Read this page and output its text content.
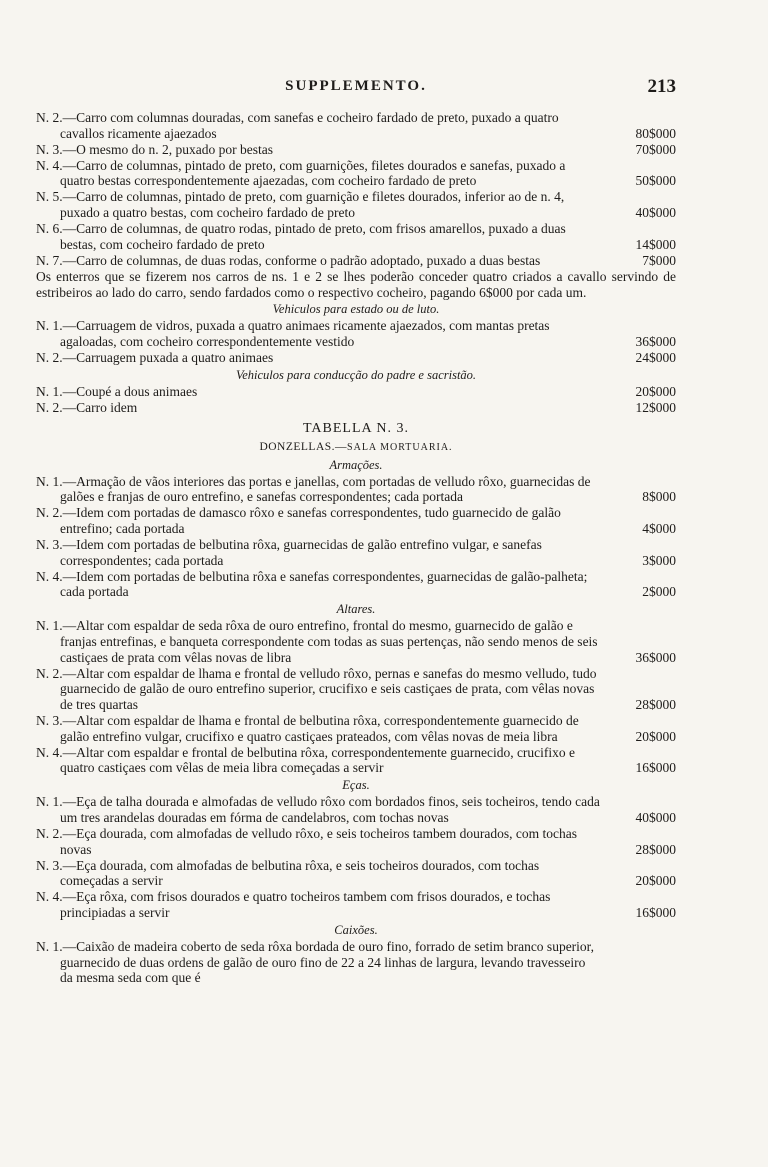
SUPPLEMENTO.	213
N. 2.—Carro com columnas douradas, com sanefas e cocheiro fardado de preto, puxado a quatro cavallos ricamente ajaezados	80$000
N. 3.—O mesmo do n. 2, puxado por bestas	70$000
N. 4.—Carro de columnas, pintado de preto, com guarnições, filetes dourados e sanefas, puxado a quatro bestas correspondentemente ajaezadas, com cocheiro fardado de preto	50$000
N. 5.—Carro de columnas, pintado de preto, com guarnição e filetes dourados, inferior ao de n. 4, puxado a quatro bestas, com cocheiro fardado de preto	40$000
N. 6.—Carro de columnas, de quatro rodas, pintado de preto, com frisos amarellos, puxado a duas bestas, com cocheiro fardado de preto	14$000
N. 7.—Carro de columnas, de duas rodas, conforme o padrão adoptado, puxado a duas bestas	7$000
Os enterros que se fizerem nos carros de ns. 1 e 2 se lhes poderão conceder quatro criados a cavallo servindo de estribeiros ao lado do carro, sendo fardados como o respectivo cocheiro, pagando 6$000 por cada um.
Vehiculos para estado ou de luto.
N. 1.—Carruagem de vidros, puxada a quatro animaes ricamente ajaezados, com mantas pretas agaloadas, com cocheiro correspondentemente vestido	36$000
N. 2.—Carruagem puxada a quatro animaes	24$000
Vehiculos para conducção do padre e sacristão.
N. 1.—Coupé a dous animaes	20$000
N. 2.—Carro idem	12$000
TABELLA N. 3.
DONZELLAS.—SALA MORTUARIA.
Armações.
N. 1.—Armação de vãos interiores das portas e janellas, com portadas de velludo rôxo, guarnecidas de galões e franjas de ouro entrefino, e sanefas correspondentes; cada portada	8$000
N. 2.—Idem com portadas de damasco rôxo e sanefas correspondentes, tudo guarnecido de galão entrefino; cada portada	4$000
N. 3.—Idem com portadas de belbutina rôxa, guarnecidas de galão entrefino vulgar, e sanefas correspondentes; cada portada	3$000
N. 4.—Idem com portadas de belbutina rôxa e sanefas correspondentes, guarnecidas de galão-palheta; cada portada	2$000
Altares.
N. 1.—Altar com espaldar de seda rôxa de ouro entrefino, frontal do mesmo, guarnecido de galão e franjas entrefinas, e banqueta correspondente com todas as suas pertenças, não sendo menos de seis castiçaes de prata com vêlas novas de libra	36$000
N. 2.—Altar com espaldar de lhama e frontal de velludo rôxo, pernas e sanefas do mesmo velludo, tudo guarnecido de galão de ouro entrefino superior, crucifixo e seis castiçaes de prata, com vêlas novas de tres quartas	28$000
N. 3.—Altar com espaldar de lhama e frontal de belbutina rôxa, correspondentemente guarnecido de galão entrefino vulgar, crucifixo e quatro castiçaes prateados, com vêlas novas de meia libra	20$000
N. 4.—Altar com espaldar e frontal de belbutina rôxa, correspondentemente guarnecido, crucifixo e quatro castiçaes com vêlas de meia libra começadas a servir	16$000
Eças.
N. 1.—Eça de talha dourada e almofadas de velludo rôxo com bordados finos, seis tocheiros, tendo cada um tres arandelas douradas em fórma de candelabros, com tochas novas	40$000
N. 2.—Eça dourada, com almofadas de velludo rôxo, e seis tocheiros tambem dourados, com tochas novas	28$000
N. 3.—Eça dourada, com almofadas de belbutina rôxa, e seis tocheiros dourados, com tochas começadas a servir	20$000
N. 4.—Eça rôxa, com frisos dourados e quatro tocheiros tambem com frisos dourados, e tochas principiadas a servir	16$000
Caixões.
N. 1.—Caixão de madeira coberto de seda rôxa bordada de ouro fino, forrado de setim branco superior, guarnecido de duas ordens de galão de ouro fino de 22 a 24 linhas de largura, levando travesseiro da mesma seda com que é
